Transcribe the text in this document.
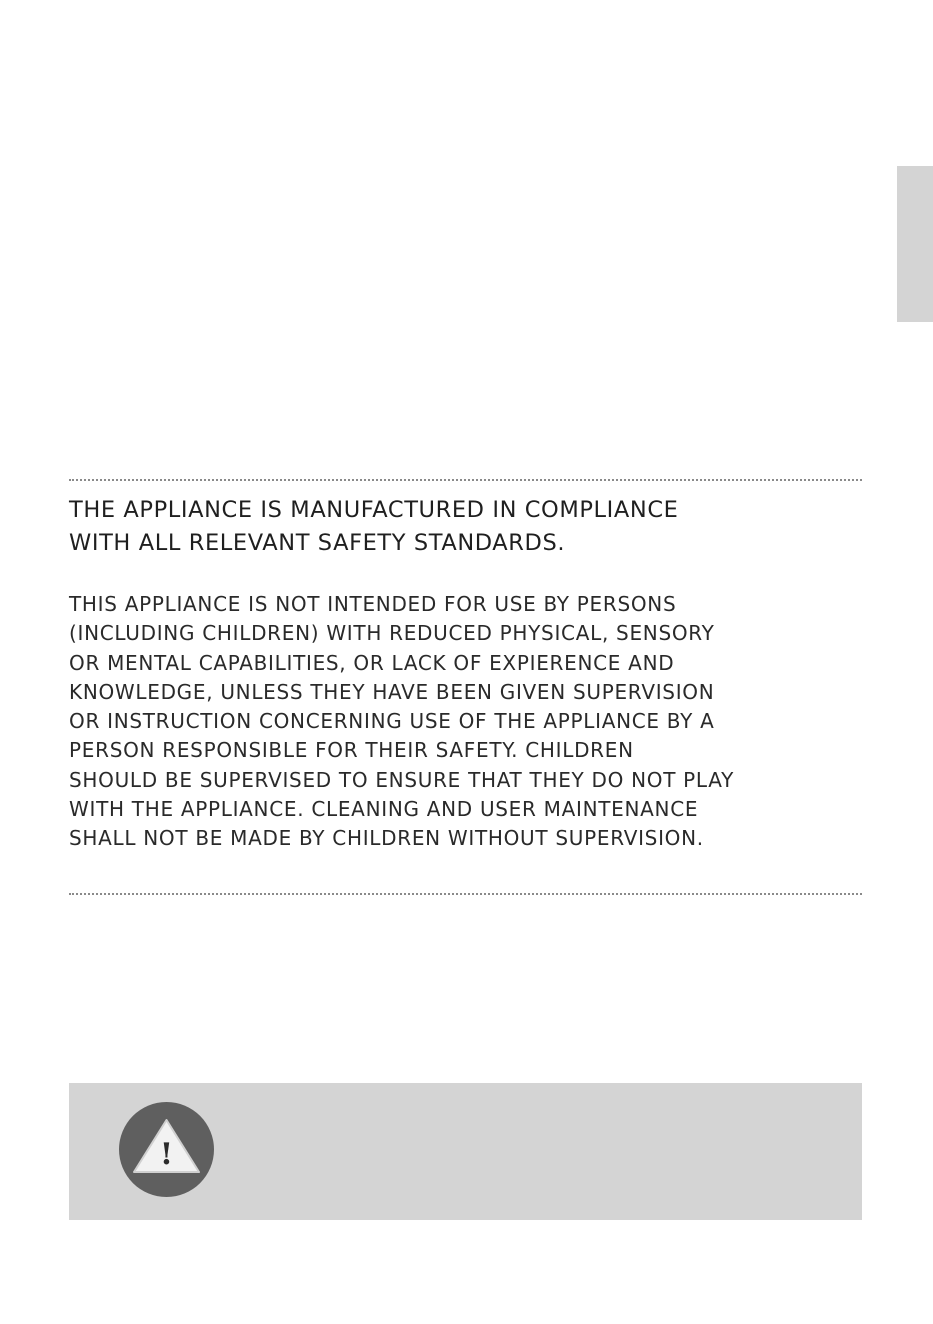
THE APPLIANCE IS MANUFACTURED IN COMPLIANCE
WITH ALL RELEVANT SAFETY STANDARDS.

THIS APPLIANCE IS NOT INTENDED FOR USE BY PERSONS
(INCLUDING CHILDREN) WITH REDUCED PHYSICAL, SENSORY
OR MENTAL CAPABILITIES, OR LACK OF EXPIERENCE AND
KNOWLEDGE, UNLESS THEY HAVE BEEN GIVEN SUPERVISION
OR INSTRUCTION CONCERNING USE OF THE APPLIANCE BY A
PERSON RESPONSIBLE FOR THEIR SAFETY. CHILDREN
SHOULD BE SUPERVISED TO ENSURE THAT THEY DO NOT PLAY
WITH THE APPLIANCE. CLEANING AND USER MAINTENANCE
SHALL NOT BE MADE BY CHILDREN WITHOUT SUPERVISION.

!
